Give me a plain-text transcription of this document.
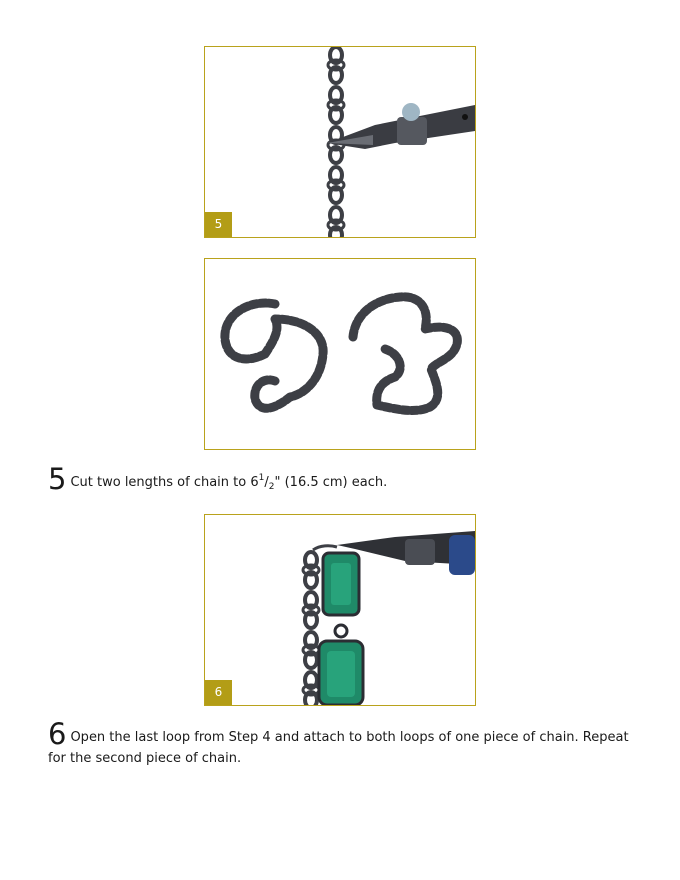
5
5 Cut two lengths of chain to $6^1/_2$" (16.5 cm) each.
6
6 Open the last loop from Step 4 and attach to both loops of one piece of chain. Repeat for the second piece of chain.
